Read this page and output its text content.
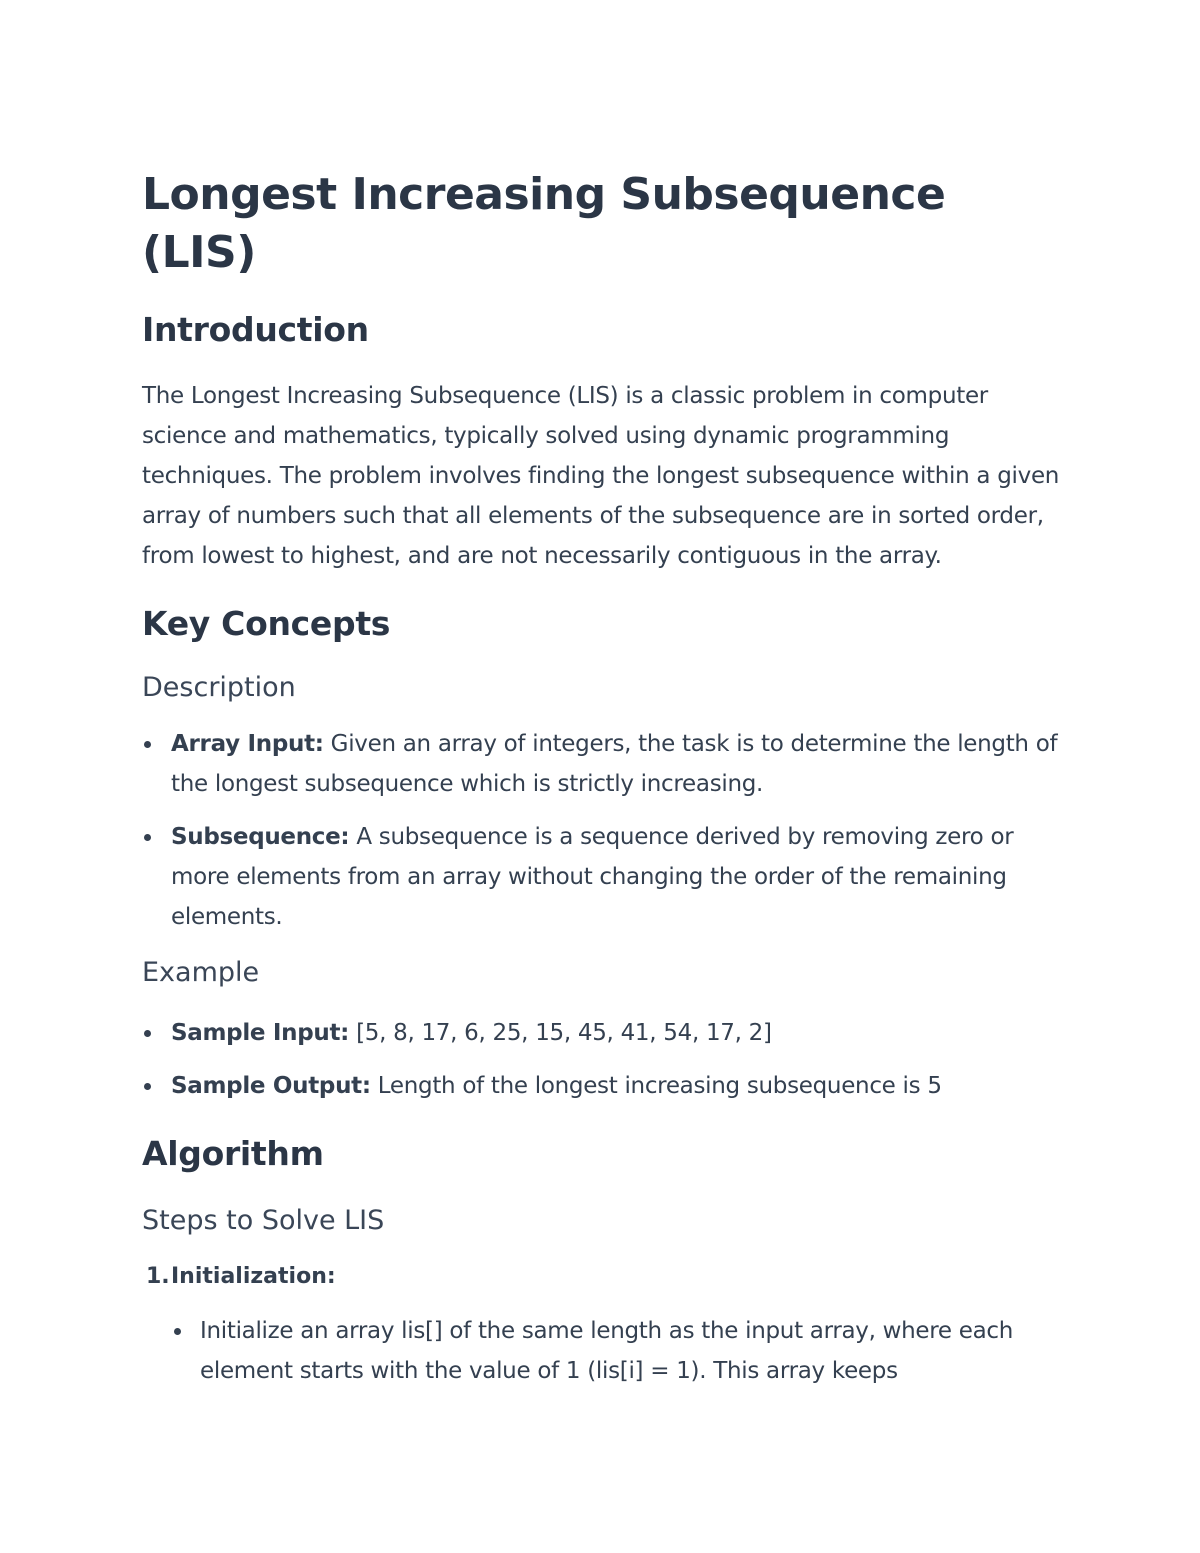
Longest Increasing Subsequence (LIS)
Introduction

The Longest Increasing Subsequence (LIS) is a classic problem in computer science and mathematics, typically solved using dynamic programming techniques. The problem involves finding the longest subsequence within a given array of numbers such that all elements of the subsequence are in sorted order, from lowest to highest, and are not necessarily contiguous in the array.

Key Concepts
Description
Array Input: Given an array of integers, the task is to determine the length of the longest subsequence which is strictly increasing.
Subsequence: A subsequence is a sequence derived by removing zero or more elements from an array without changing the order of the remaining elements.
Example
Sample Input: [5, 8, 17, 6, 25, 15, 45, 41, 54, 17, 2]
Sample Output: Length of the longest increasing subsequence is 5
Algorithm
Steps to Solve LIS
1. Initialization:
Initialize an array lis[] of the same length as the input array, where each element starts with the value of 1 (lis[i] = 1). This array keeps
